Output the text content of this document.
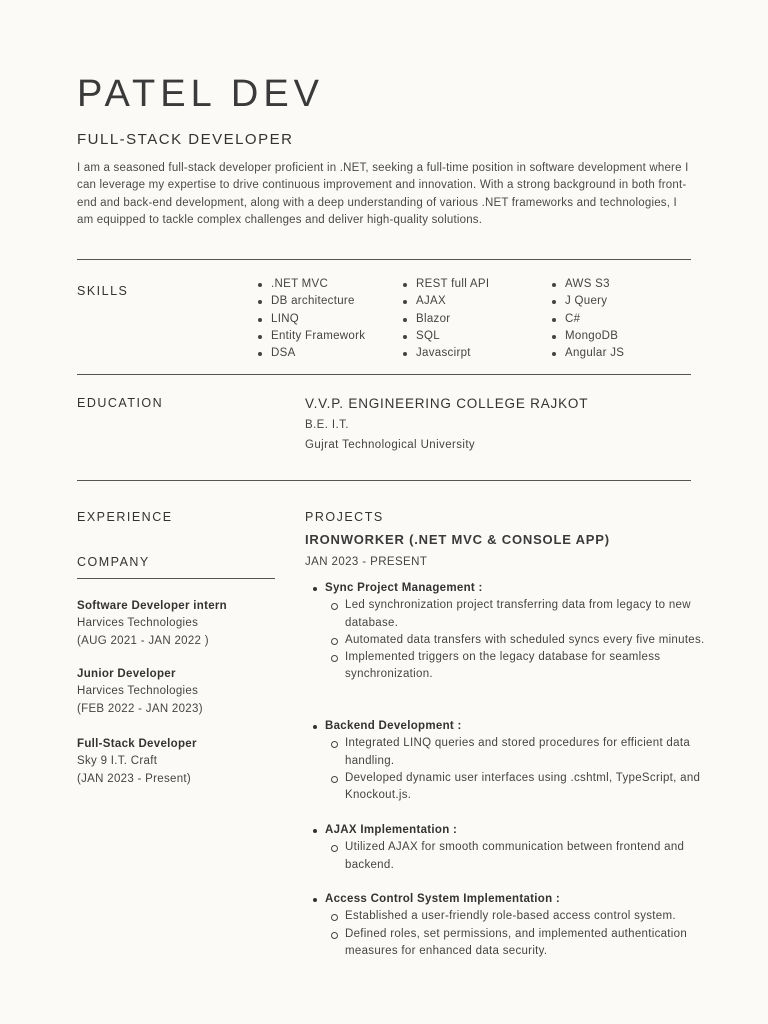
PATEL DEV
FULL-STACK DEVELOPER

I am a seasoned full-stack developer proficient in .NET, seeking a full-time position in software development where I can leverage my expertise to drive continuous improvement and innovation. With a strong background in both front-end and back-end development, along with a deep understanding of various .NET frameworks and technologies, I am equipped to tackle complex challenges and deliver high-quality solutions.

SKILLS	.NET MVC
DB architecture
LINQ
Entity Framework
DSA
REST full API
AJAX
Blazor
SQL
Javascirpt
AWS S3
J Query
C#
MongoDB
Angular JS
EDUCATION	V.V.P. ENGINEERING COLLEGE RAJKOT
B.E. I.T.
Gujrat Technological University
EXPERIENCE
COMPANY
Software Developer intern
Harvices Technologies
(AUG 2021 - JAN 2022 )
Junior Developer
Harvices Technologies
(FEB 2022 - JAN 2023)
Full-Stack Developer
Sky 9 I.T. Craft
(JAN 2023 - Present)
PROJECTS
IRONWORKER (.NET MVC & CONSOLE APP)
JAN 2023 - PRESENT
Sync Project Management :
Led synchronization project transferring data from legacy to new database.
Automated data transfers with scheduled syncs every five minutes.
Implemented triggers on the legacy database for seamless synchronization.
Backend Development :
Integrated LINQ queries and stored procedures for efficient data handling.
Developed dynamic user interfaces using .cshtml, TypeScript, and Knockout.js.
AJAX Implementation :
Utilized AJAX for smooth communication between frontend and backend.
Access Control System Implementation :
Established a user-friendly role-based access control system.
Defined roles, set permissions, and implemented authentication measures for enhanced data security.
